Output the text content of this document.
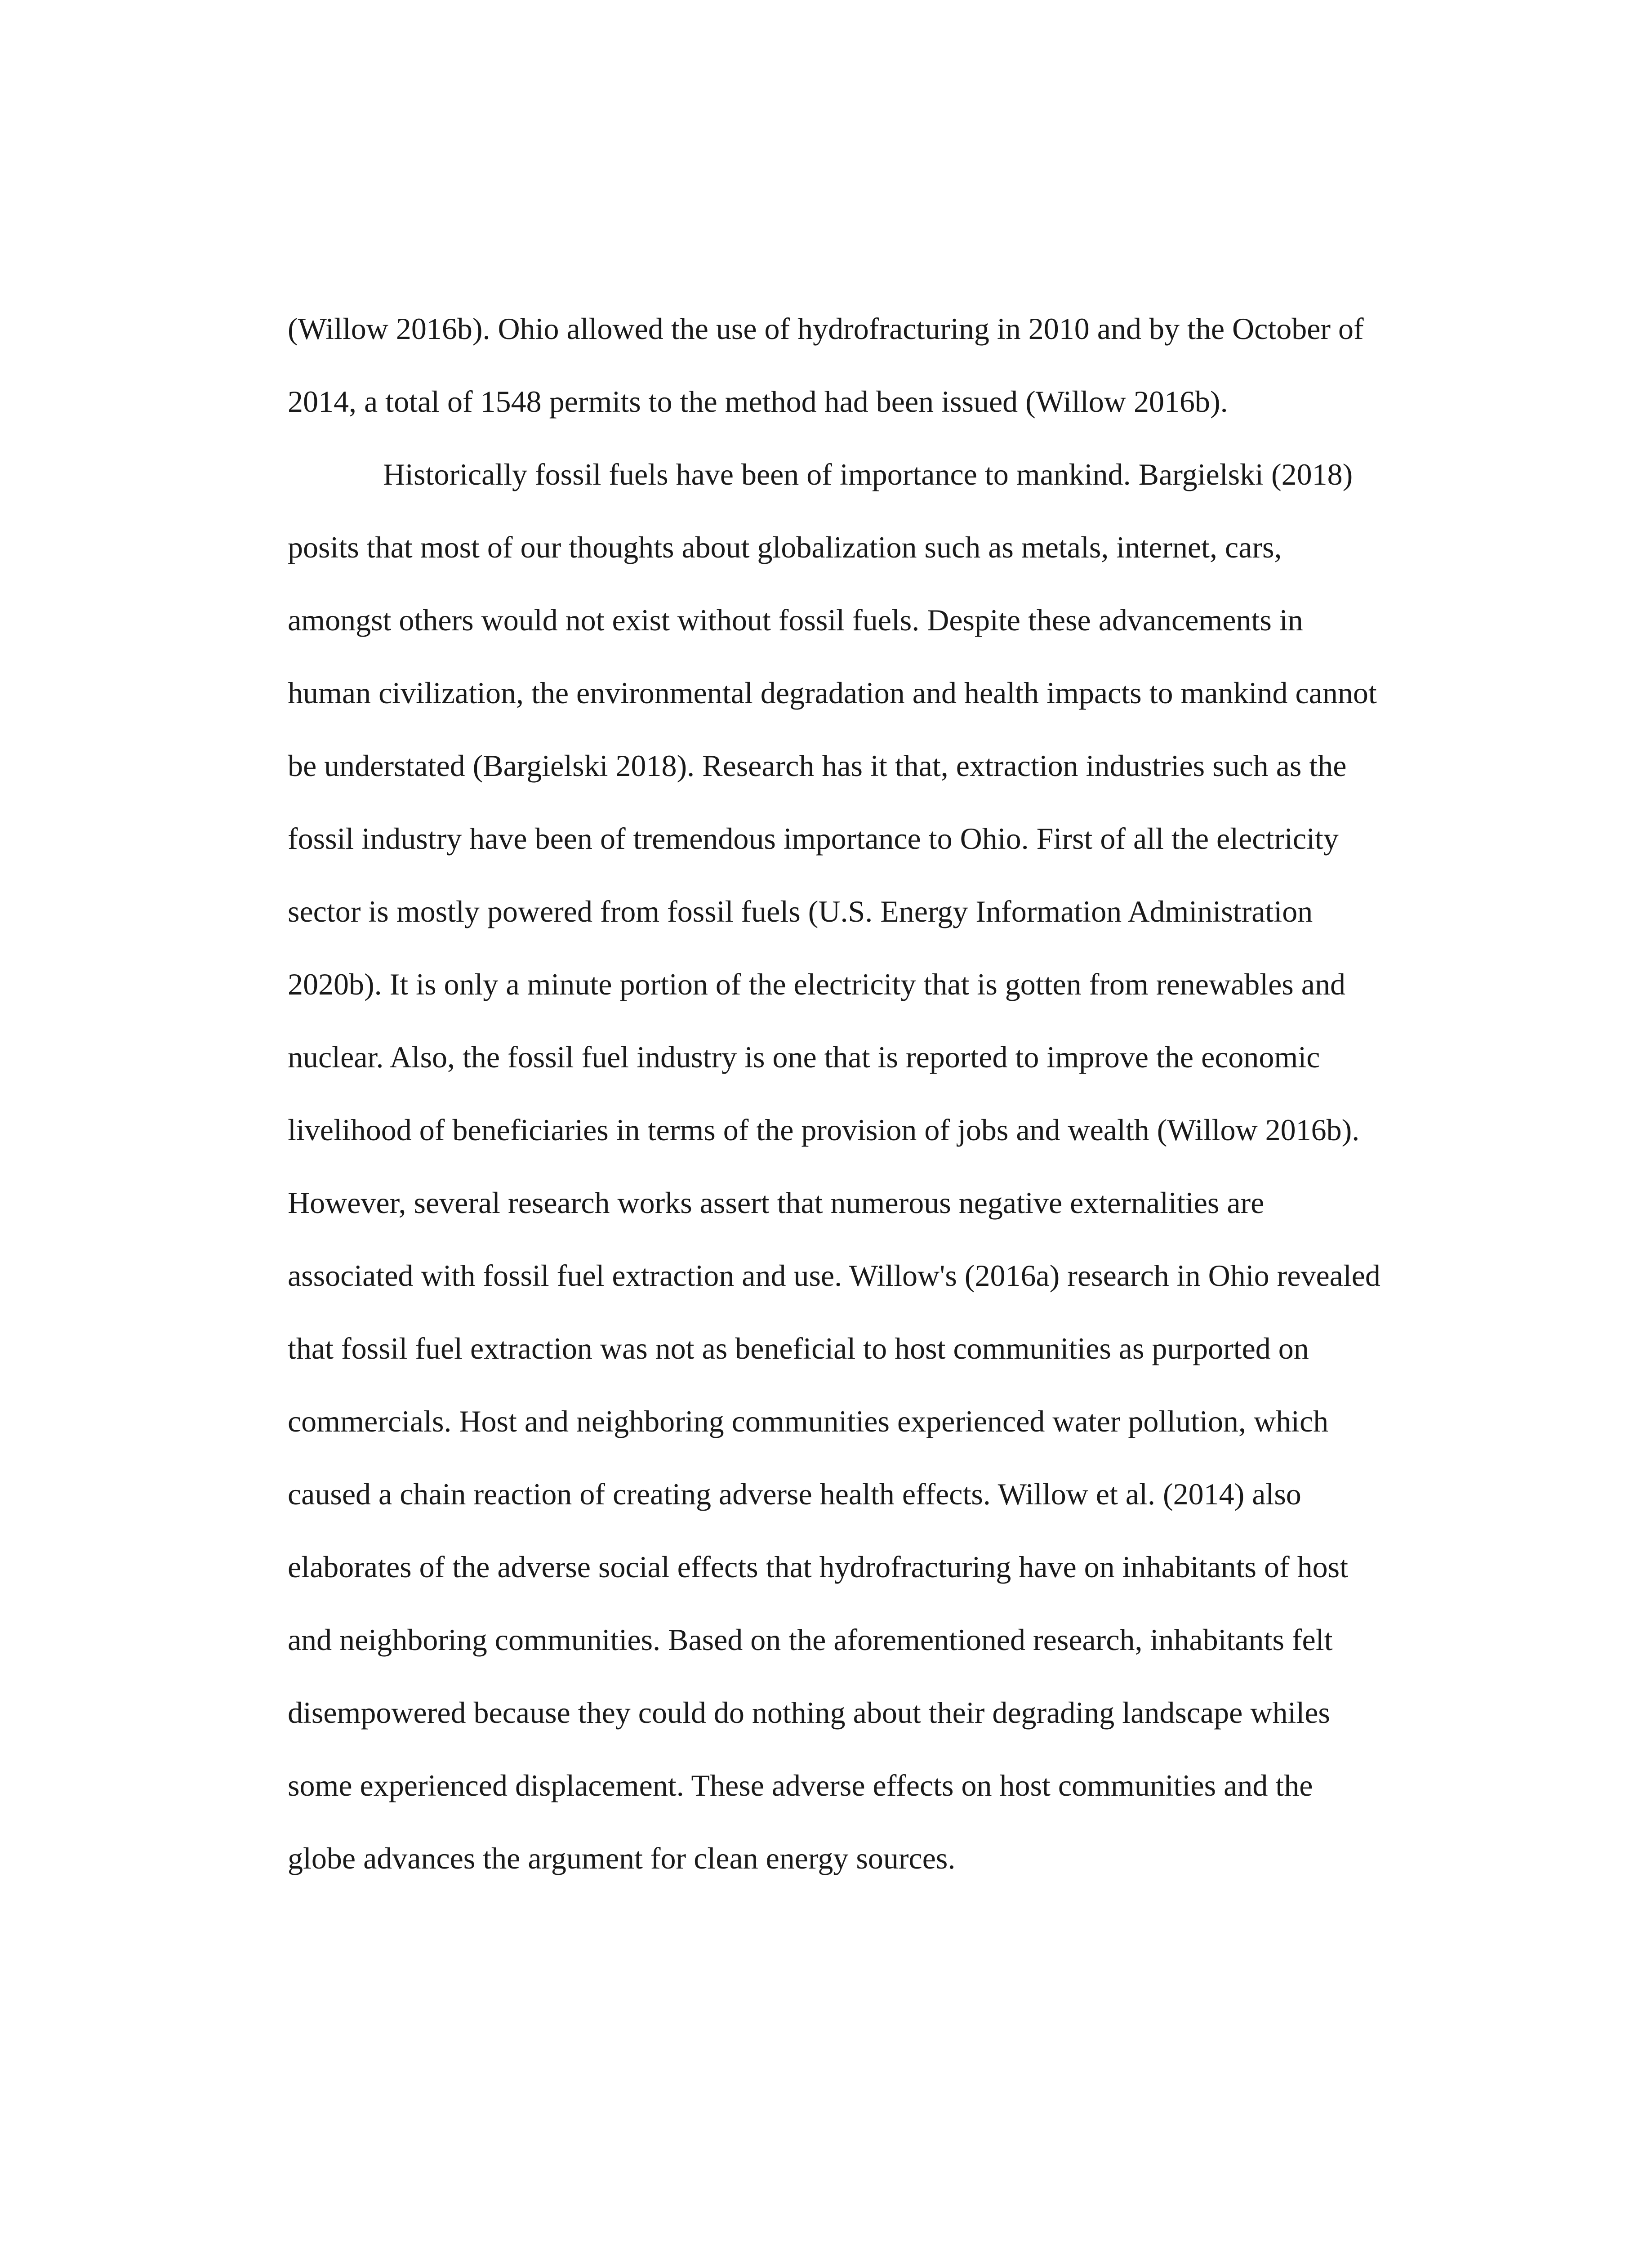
(Willow 2016b). Ohio allowed the use of hydrofracturing in 2010 and by the October of
2014, a total of 1548 permits to the method had been issued (Willow 2016b).
Historically fossil fuels have been of importance to mankind. Bargielski (2018)
posits that most of our thoughts about globalization such as metals, internet, cars,
amongst others would not exist without fossil fuels. Despite these advancements in
human civilization, the environmental degradation and health impacts to mankind cannot
be understated (Bargielski 2018). Research has it that, extraction industries such as the
fossil industry have been of tremendous importance to Ohio. First of all the electricity
sector is mostly powered from fossil fuels (U.S. Energy Information Administration
2020b). It is only a minute portion of the electricity that is gotten from renewables and
nuclear. Also, the fossil fuel industry is one that is reported to improve the economic
livelihood of beneficiaries in terms of the provision of jobs and wealth (Willow 2016b).
However, several research works assert that numerous negative externalities are
associated with fossil fuel extraction and use. Willow's (2016a) research in Ohio revealed
that fossil fuel extraction was not as beneficial to host communities as purported on
commercials. Host and neighboring communities experienced water pollution, which
caused a chain reaction of creating adverse health effects. Willow et al. (2014) also
elaborates of the adverse social effects that hydrofracturing have on inhabitants of host
and neighboring communities. Based on the aforementioned research, inhabitants felt
disempowered because they could do nothing about their degrading landscape whiles
some experienced displacement. These adverse effects on host communities and the
globe advances the argument for clean energy sources.
